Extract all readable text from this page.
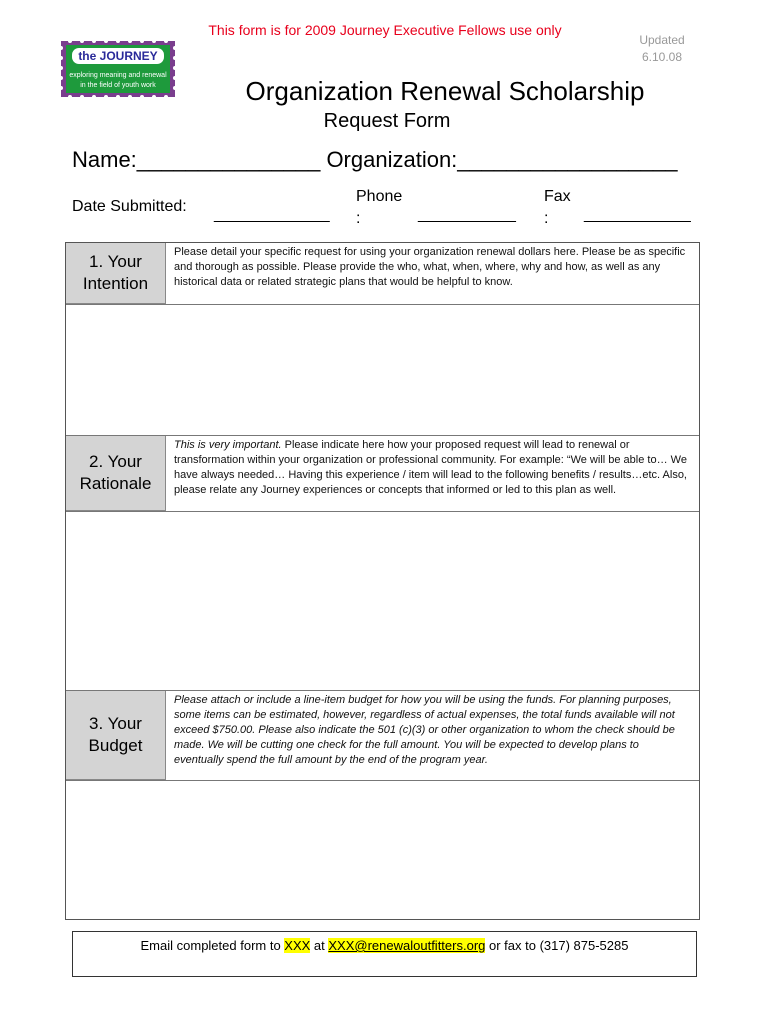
This form is for 2009 Journey Executive Fellows use only
Updated
6.10.08
the JOURNEY
exploring meaning and renewal
in the field of youth work	Organization Renewal Scholarship
Request Form
Name:_______________ Organization:__________________
Date Submitted: _____________
Phone
:	___________
Fax
:	____________
1. Your
Intention
Please detail your specific request for using your organization renewal dollars here. Please be as specific and thorough as possible. Please provide the who, what, when, where, why and how, as well as any historical data or related strategic plans that would be helpful to know.
2. Your
Rationale
This is very important. Please indicate here how your proposed request will lead to renewal or transformation within your organization or professional community. For example: “We will be able to… We have always needed… Having this experience / item will lead to the following benefits / results…etc. Also, please relate any Journey experiences or concepts that informed or led to this plan as well.
3. Your
Budget
Please attach or include a line-item budget for how you will be using the funds. For planning purposes, some items can be estimated, however, regardless of actual expenses, the total funds available will not exceed $750.00. Please also indicate the 501 (c)(3) or other organization to whom the check should be made. We will be cutting one check for the full amount. You will be expected to develop plans to eventually spend the full amount by the end of the program year.
Email completed form to XXX at XXX@renewaloutfitters.org or fax to (317) 875-5285
